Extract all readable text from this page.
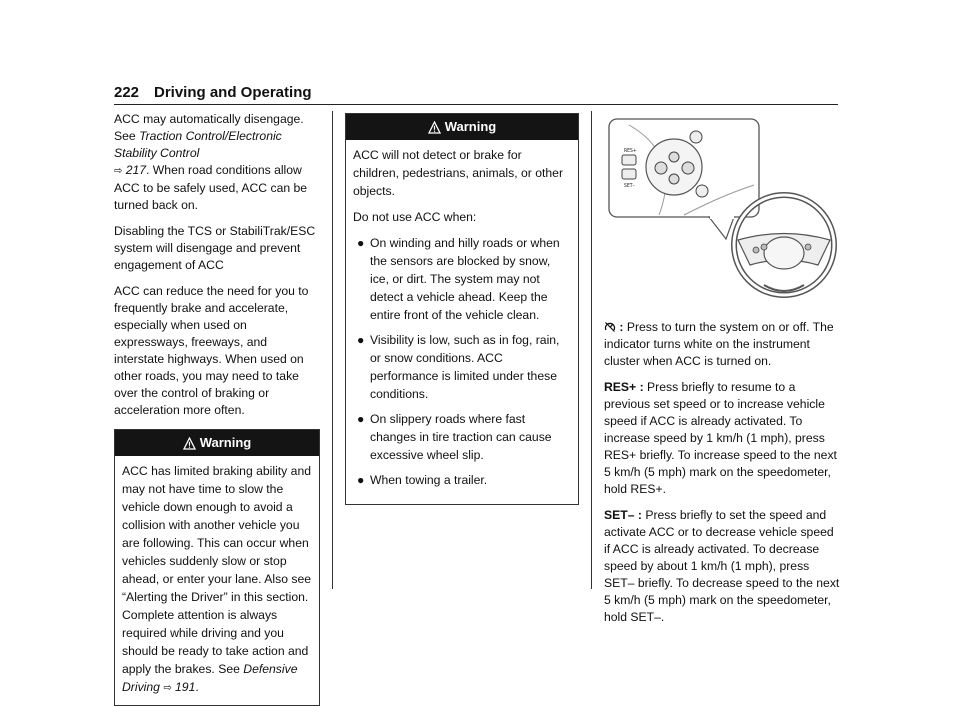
222 Driving and Operating

ACC may automatically disengage. See Traction Control/Electronic Stability Control
⇨ 217. When road conditions allow ACC to be safely used, ACC can be turned back on.

Disabling the TCS or StabiliTrak/ESC system will disengage and prevent engagement of ACC

ACC can reduce the need for you to frequently brake and accelerate, especially when used on expressways, freeways, and interstate highways. When used on other roads, you may need to take over the control of braking or acceleration more often.

Warning
ACC has limited braking ability and may not have time to slow the vehicle down enough to avoid a collision with another vehicle you are following. This can occur when vehicles suddenly slow or stop ahead, or enter your lane. Also see “Alerting the Driver” in this section. Complete attention is always required while driving and you should be ready to take action and apply the brakes. See Defensive Driving ⇨ 191.
Warning

ACC will not detect or brake for children, pedestrians, animals, or other objects.

Do not use ACC when:

● On winding and hilly roads or when the sensors are blocked by snow, ice, or dirt. The system may not detect a vehicle ahead. Keep the entire front of the vehicle clean.
● Visibility is low, such as in fog, rain, or snow conditions. ACC performance is limited under these conditions.
● On slippery roads where fast changes in tire traction can cause excessive wheel slip.
● When towing a trailer.
RES+
SET–

: Press to turn the system on or off. The indicator turns white on the instrument cluster when ACC is turned on.

RES+ : Press briefly to resume to a previous set speed or to increase vehicle speed if ACC is already activated. To increase speed by 1 km/h (1 mph), press RES+ briefly. To increase speed to the next 5 km/h (5 mph) mark on the speedometer, hold RES+.

SET– : Press briefly to set the speed and activate ACC or to decrease vehicle speed if ACC is already activated. To decrease speed by about 1 km/h (1 mph), press SET– briefly. To decrease speed to the next 5 km/h (5 mph) mark on the speedometer, hold SET–.
